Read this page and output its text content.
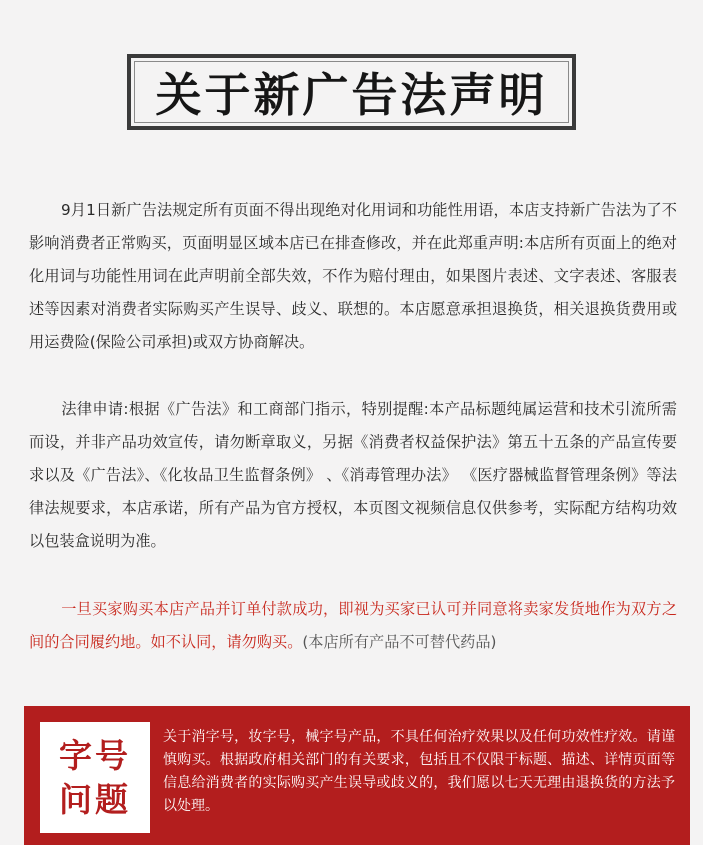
关于新广告法声明

9月1日新广告法规定所有页面不得出现绝对化用词和功能性用语，本店支持新广告法为了不影响消费者正常购买，页面明显区域本店已在排查修改，并在此郑重声明:本店所有页面上的绝对化用词与功能性用词在此声明前全部失效，不作为赔付理由，如果图片表述、文字表述、客服表述等因素对消费者实际购买产生误导、歧义、联想的。本店愿意承担退换货，相关退换货费用或用运费险(保险公司承担)或双方协商解决。

法律申请:根据《广告法》和工商部门指示，特别提醒:本产品标题纯属运营和技术引流所需而设，并非产品功效宣传，请勿断章取义，另据《消费者权益保护法》第五十五条的产品宣传要求以及《广告法》、《化妆品卫生监督条例》 、《消毒管理办法》 《医疗器械监督管理条例》等法律法规要求，本店承诺，所有产品为官方授权，本页图文视频信息仅供参考，实际配方结构功效以包装盒说明为准。

一旦买家购买本店产品并订单付款成功，即视为买家已认可并同意将卖家发货地作为双方之间的合同履约地。如不认同，请勿购买。(本店所有产品不可替代药品)

字号
问题

关于消字号，妆字号，械字号产品，不具任何治疗效果以及任何功效性疗效。请谨慎购买。根据政府相关部门的有关要求，包括且不仅限于标题、描述、详情页面等信息给消费者的实际购买产生误导或歧义的，我们愿以七天无理由退换货的方法予以处理。
